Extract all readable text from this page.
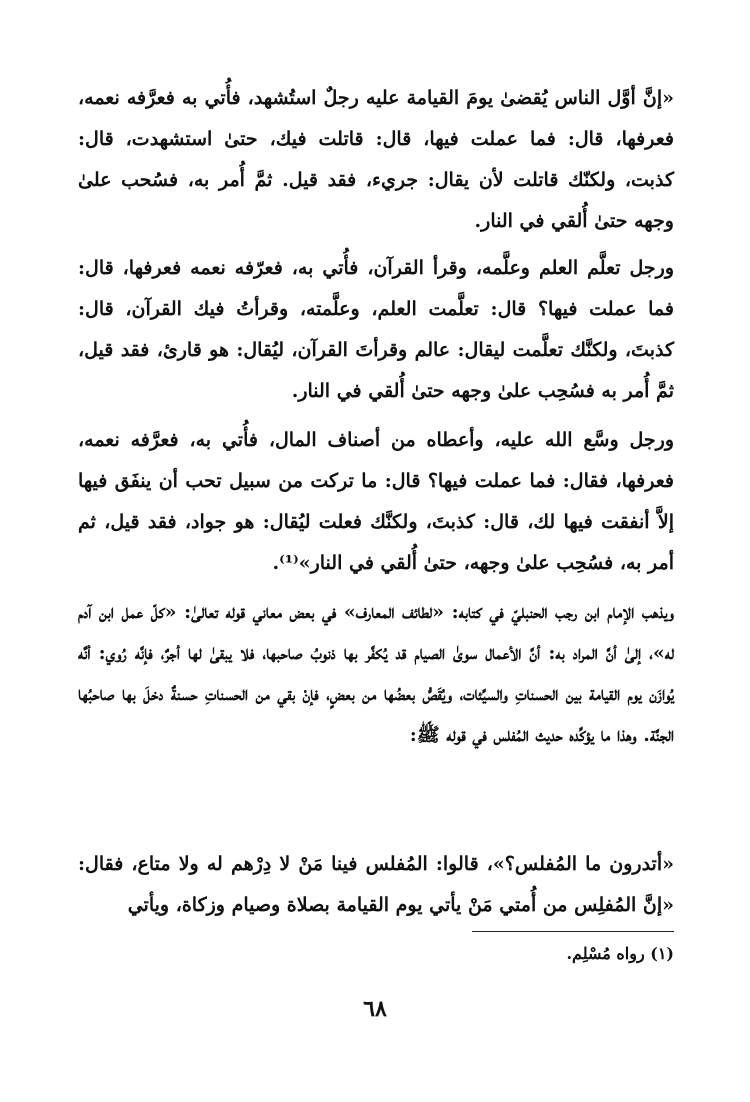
«إنَّ أوَّل الناس يُقضىٰ يومَ القيامة عليه رجلٌ استُشهد، فأُتي به فعرَّفه نعمه، فعرفها، قال: فما عملت فيها، قال: قاتلت فيك، حتىٰ استشهدت، قال: كذبت، ولكنّك قاتلت لأن يقال: جريء، فقد قيل. ثمَّ أُمر به، فسُحب علىٰ وجهه حتىٰ أُلقي في النار.

ورجل تعلَّم العلم وعلَّمه، وقرأ القرآن، فأُتي به، فعرّفه نعمه فعرفها، قال: فما عملت فيها؟ قال: تعلَّمت العلم، وعلَّمته، وقرأتُ فيك القرآن، قال: كذبتَ، ولكنَّك تعلَّمت ليقال: عالم وقرأتَ القرآن، ليُقال: هو قارئ، فقد قيل، ثمَّ أُمر به فسُحِب علىٰ وجهه حتىٰ أُلقي في النار.

ورجل وسَّع الله عليه، وأعطاه من أصناف المال، فأُتي به، فعرَّفه نعمه، فعرفها، فقال: فما عملت فيها؟ قال: ما تركت من سبيل تحب أن ينفَق فيها إلاَّ أنفقت فيها لك، قال: كذبتَ، ولكنَّك فعلت ليُقال: هو جواد، فقد قيل، ثم أمر به، فسُحِب علىٰ وجهه، حتىٰ أُلقي في النار»⁽¹⁾.

ويذهب الإمام ابن رجب الحنبليّ في كتابه: «لطائف المعارف» في بعض معاني قوله تعالىٰ: «كلّ عمل ابن آدم له»، إلىٰ أنَّ المراد به: أنَّ الأعمال سوىٰ الصيام قد يُكفَّر بها ذنوبُ صاحبها، فلا يبقىٰ لها أجرٌ، فإنَّه رُوي: أنَّه يُوازَن يوم القيامة بين الحسناتِ والسيِّئات، ويُقَصُّ بعضُها من بعضٍ، فإنْ بقي من الحسناتِ حسنةٌ دخلَ بها صاحبُها الجنَّة. وهذا ما يؤكِّده حديث المُفلس في قوله ﷺ:

«أتدرون ما المُفلس؟»، قالوا: المُفلس فينا مَنْ لا دِرْهم له ولا متاع، فقال: «إنَّ المُفلِس من أُمتي مَنْ يأتي يوم القيامة بصلاة وصيام وزكاة، ويأتي

(١) رواه مُسْلِم.
٦٨
